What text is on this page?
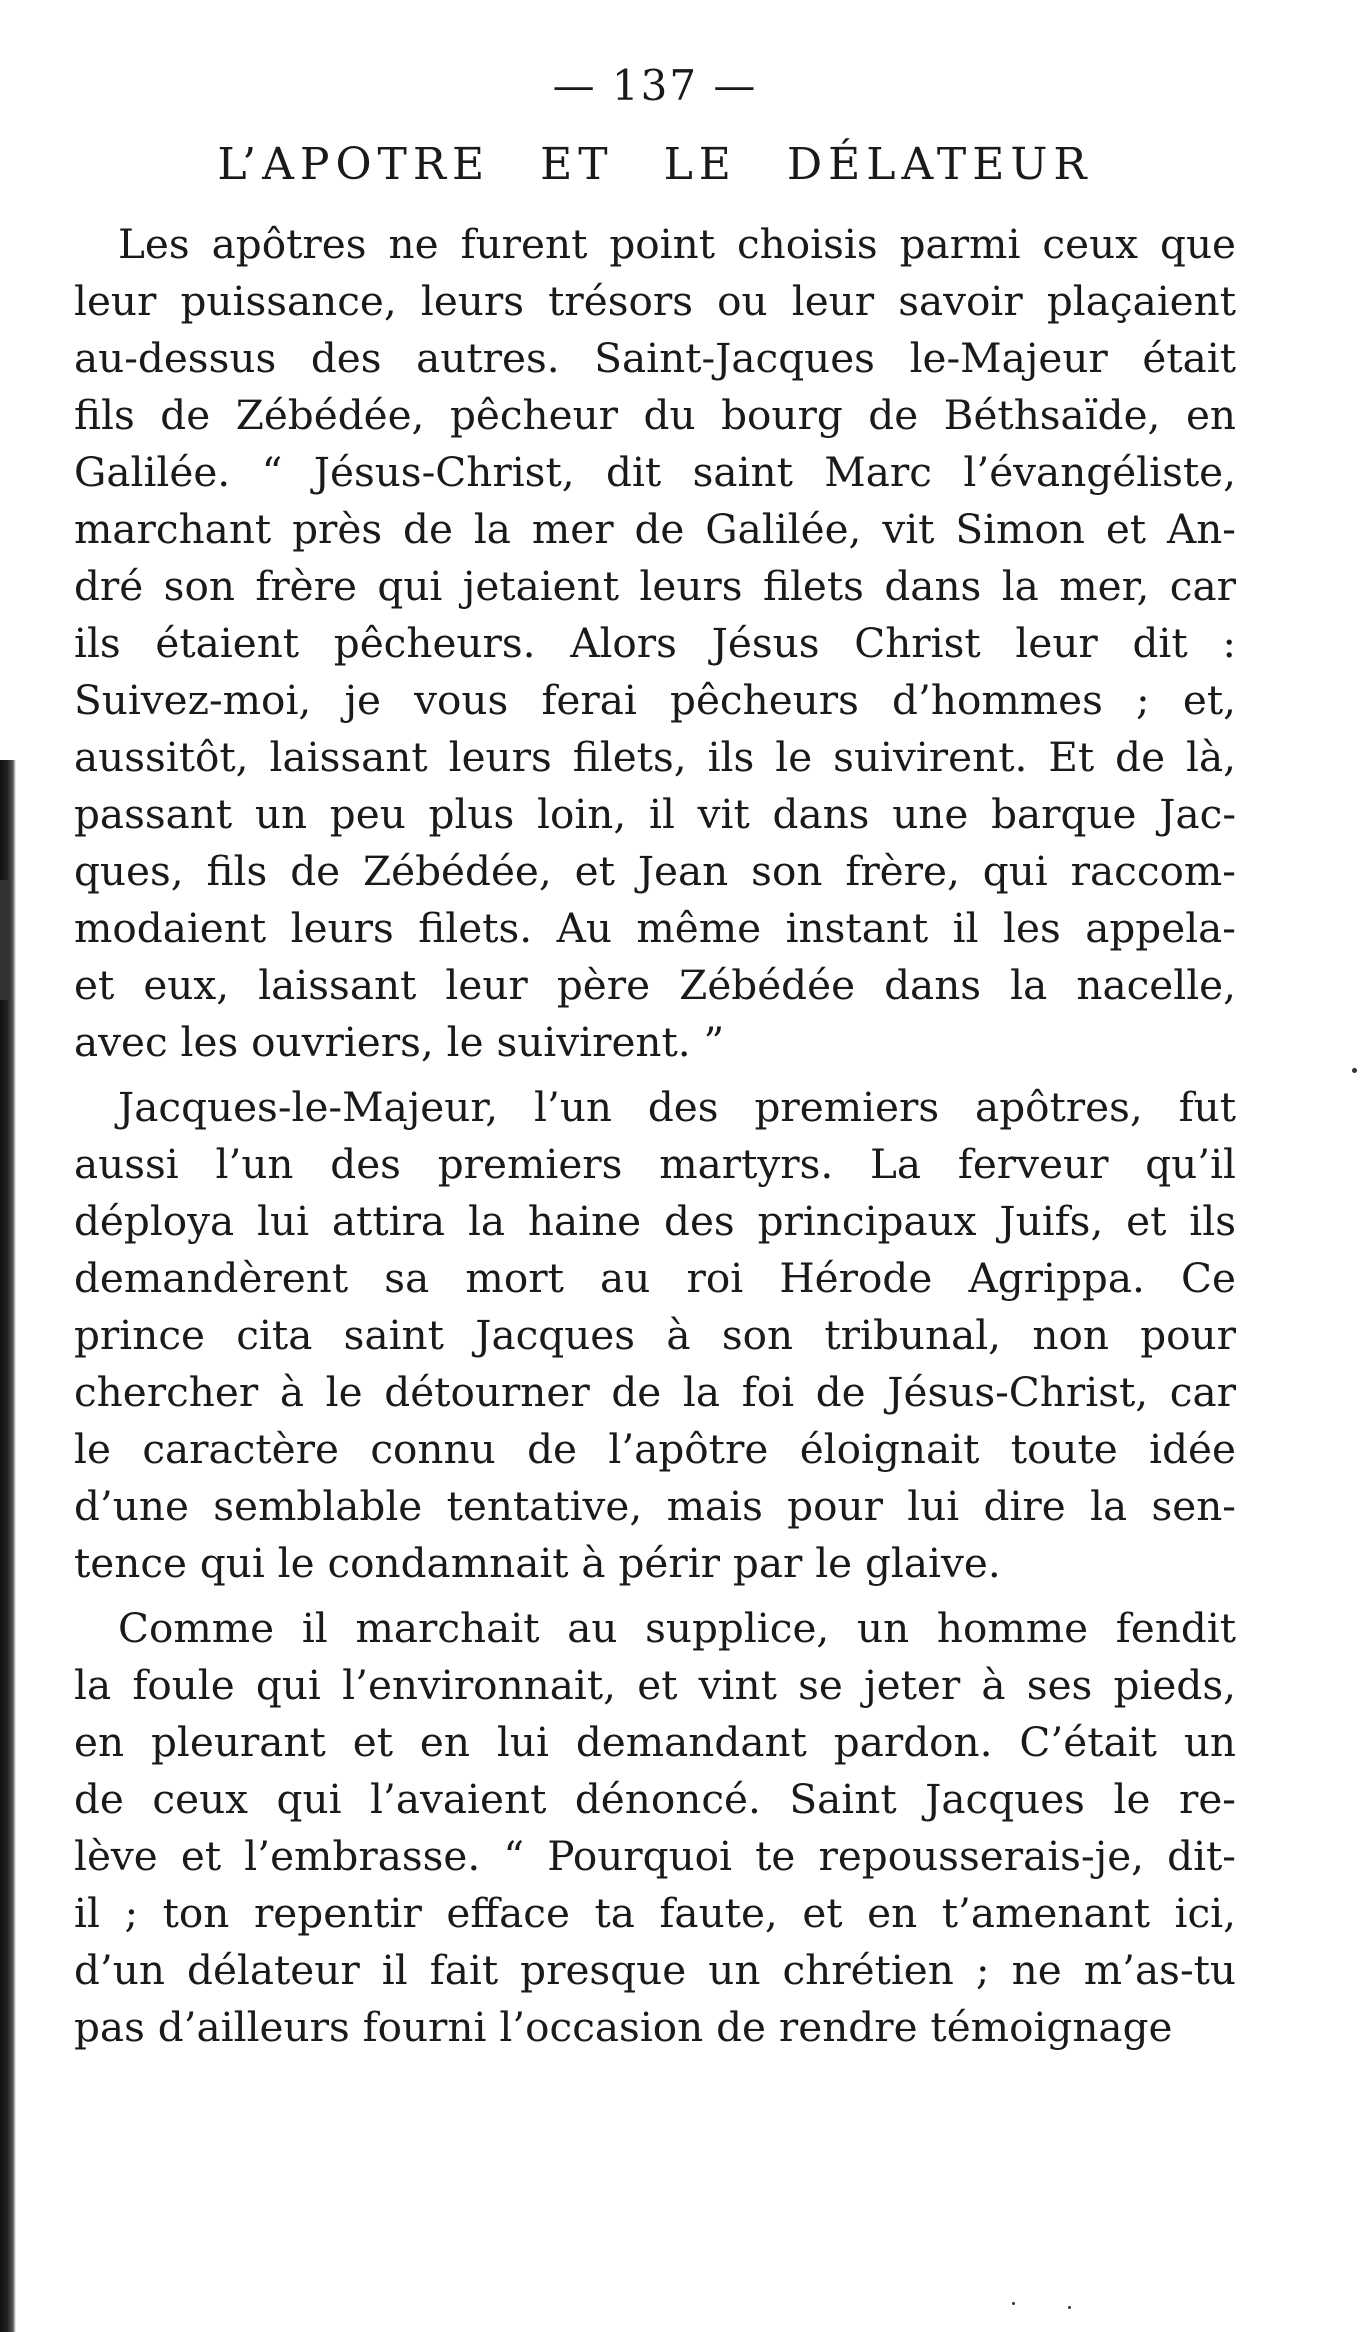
— 137 —
L’APOTRE ET LE DÉLATEUR

Les apôtres ne furent point choisis parmi ceux que
leur puissance, leurs trésors ou leur savoir plaçaient
au-dessus des autres. Saint-Jacques le-Majeur était
fils de Zébédée, pêcheur du bourg de Béthsaïde, en
Galilée. “ Jésus-Christ, dit saint Marc l’évangéliste,
marchant près de la mer de Galilée, vit Simon et An-
dré son frère qui jetaient leurs filets dans la mer, car
ils étaient pêcheurs. Alors Jésus Christ leur dit :
Suivez-moi, je vous ferai pêcheurs d’hommes ; et,
aussitôt, laissant leurs filets, ils le suivirent. Et de là,
passant un peu plus loin, il vit dans une barque Jac-
ques, fils de Zébédée, et Jean son frère, qui raccom-
modaient leurs filets. Au même instant il les appela-
et eux, laissant leur père Zébédée dans la nacelle,
avec les ouvriers, le suivirent. ”

Jacques-le-Majeur, l’un des premiers apôtres, fut
aussi l’un des premiers martyrs. La ferveur qu’il
déploya lui attira la haine des principaux Juifs, et ils
demandèrent sa mort au roi Hérode Agrippa. Ce
prince cita saint Jacques à son tribunal, non pour
chercher à le détourner de la foi de Jésus-Christ, car
le caractère connu de l’apôtre éloignait toute idée
d’une semblable tentative, mais pour lui dire la sen-
tence qui le condamnait à périr par le glaive.

Comme il marchait au supplice, un homme fendit
la foule qui l’environnait, et vint se jeter à ses pieds,
en pleurant et en lui demandant pardon. C’était un
de ceux qui l’avaient dénoncé. Saint Jacques le re-
lève et l’embrasse. “ Pourquoi te repousserais-je, dit-
il ; ton repentir efface ta faute, et en t’amenant ici,
d’un délateur il fait presque un chrétien ; ne m’as-tu
pas d’ailleurs fourni l’occasion de rendre témoignage
